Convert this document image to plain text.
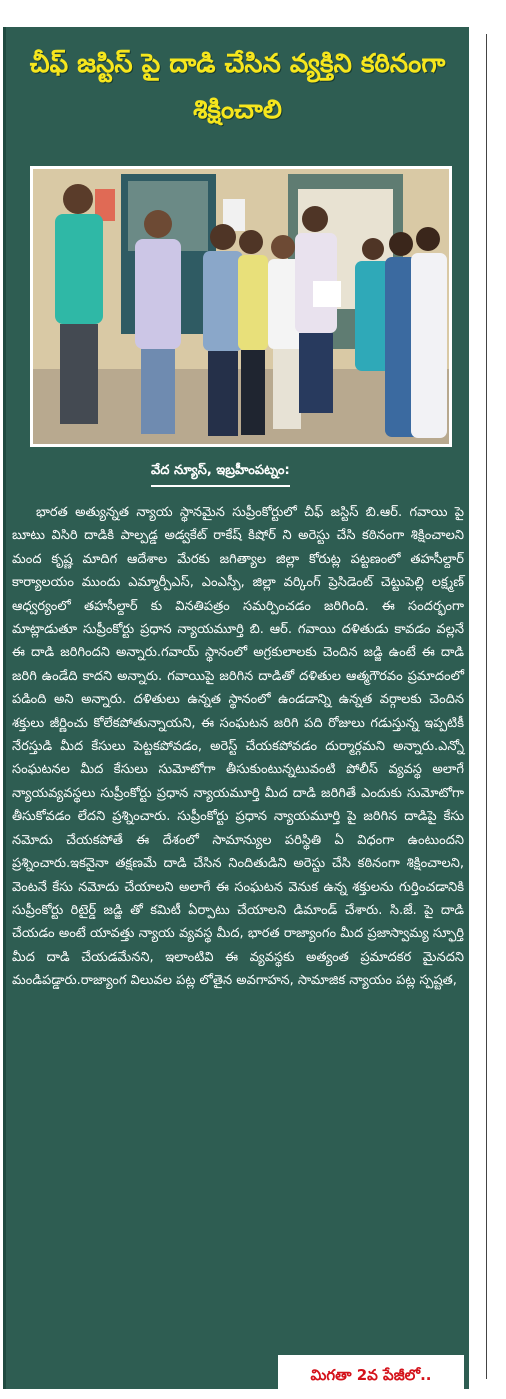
చీఫ్ జస్టిస్ పై దాడి చేసిన వ్యక్తిని కఠినంగా శిక్షించాలి
వేద న్యూస్, ఇబ్రహీంపట్నం:

భారత అత్యున్నత న్యాయ స్థానమైన సుప్రీంకోర్టులో చీఫ్ జస్టిస్ బి.ఆర్. గవాయి పై బూటు విసిరి దాడికి పాల్పడ్డ అడ్వకేట్ రాకేష్ కిషోర్ ని అరెస్టు చేసి కఠినంగా శిక్షించాలని మంద కృష్ణ మాదిగ ఆదేశాల మేరకు జగిత్యాల జిల్లా కోరుట్ల పట్టణంలో తహసీల్దార్ కార్యాలయం ముందు ఎమ్మార్పీఎస్, ఎంఎస్పీ, జిల్లా వర్కింగ్ ప్రెసిడెంట్ చెట్టుపెల్లి లక్ష్మణ్ ఆధ్వర్యంలో తహసీల్దార్ కు వినతిపత్రం సమర్పించడం జరిగింది. ఈ సందర్భంగా మాట్లాడుతూ సుప్రీంకోర్టు ప్రధాన న్యాయమూర్తి బి. ఆర్. గవాయి దళితుడు కావడం వల్లనే ఈ దాడి జరిగిందని అన్నారు.గవాయ్ స్థానంలో అగ్రకులాలకు చెందిన జడ్జి ఉంటే ఈ దాడి జరిగి ఉండేది కాదని అన్నారు. గవాయిపై జరిగిన దాడితో దళితుల ఆత్మగౌరవం ప్రమాదంలో పడింది అని అన్నారు. దళితులు ఉన్నత స్థానంలో ఉండడాన్ని ఉన్నత వర్గాలకు చెందిన శక్తులు జీర్ణించు కోలేకపోతున్నాయని, ఈ సంఘటన జరిగి పది రోజులు గడుస్తున్న ఇప్పటికీ నేరస్తుడి మీద కేసులు పెట్టకపోవడం, అరెస్ట్ చేయకపోవడం దుర్మార్గమని అన్నారు.ఎన్నో సంఘటనల మీద కేసులు సుమోటోగా తీసుకుంటున్నటువంటి పోలీస్ వ్యవస్థ అలాగే న్యాయవ్యవస్థలు సుప్రీంకోర్టు ప్రధాన న్యాయమూర్తి మీద దాడి జరిగితే ఎందుకు సుమోటోగా తీసుకోవడం లేదని ప్రశ్నించారు. సుప్రీంకోర్టు ప్రధాన న్యాయమూర్తి పై జరిగిన దాడిపై కేసు నమోదు చేయకపోతే ఈ దేశంలో సామాన్యుల పరిస్థితి ఏ విధంగా ఉంటుందని ప్రశ్నించారు.ఇకనైనా తక్షణమే దాడి చేసిన నిందితుడిని అరెస్టు చేసి కఠినంగా శిక్షించాలని, వెంటనే కేసు నమోదు చేయాలని అలాగే ఈ సంఘటన వెనుక ఉన్న శక్తులను గుర్తించడానికి సుప్రీంకోర్టు రిటైర్డ్ జడ్జి తో కమిటీ ఏర్పాటు చేయాలని డిమాండ్ చేశారు. సి.జే. పై దాడి చేయడం అంటే యావత్తు న్యాయ వ్యవస్థ మీద, భారత రాజ్యాంగం మీద ప్రజాస్వామ్య స్ఫూర్తి మీద దాడి చేయడమేనని, ఇలాంటివి ఈ వ్యవస్థకు అత్యంత ప్రమాదకర మైనదని మండిపడ్డారు.రాజ్యాంగ విలువల పట్ల లోతైన అవగాహన, సామాజిక న్యాయం పట్ల స్పష్టత,

మిగతా 2వ పేజీలో..
